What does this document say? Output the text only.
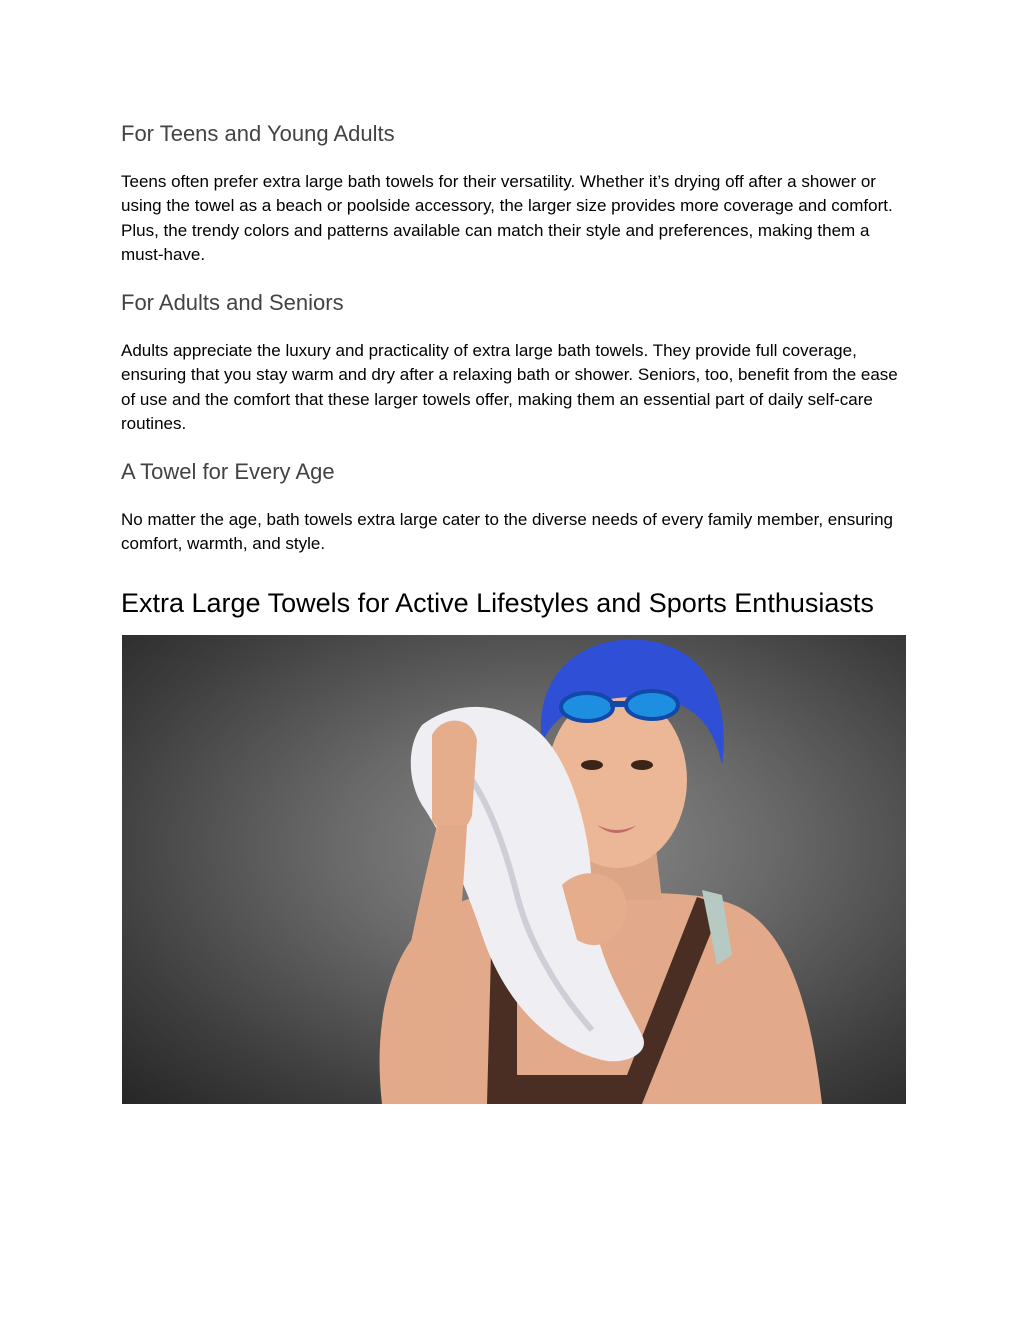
For Teens and Young Adults

Teens often prefer extra large bath towels for their versatility. Whether it’s drying off after a shower or using the towel as a beach or poolside accessory, the larger size provides more coverage and comfort. Plus, the trendy colors and patterns available can match their style and preferences, making them a must-have.

For Adults and Seniors

Adults appreciate the luxury and practicality of extra large bath towels. They provide full coverage, ensuring that you stay warm and dry after a relaxing bath or shower. Seniors, too, benefit from the ease of use and the comfort that these larger towels offer, making them an essential part of daily self-care routines.

A Towel for Every Age

No matter the age, bath towels extra large cater to the diverse needs of every family member, ensuring comfort, warmth, and style.

Extra Large Towels for Active Lifestyles and Sports Enthusiasts
